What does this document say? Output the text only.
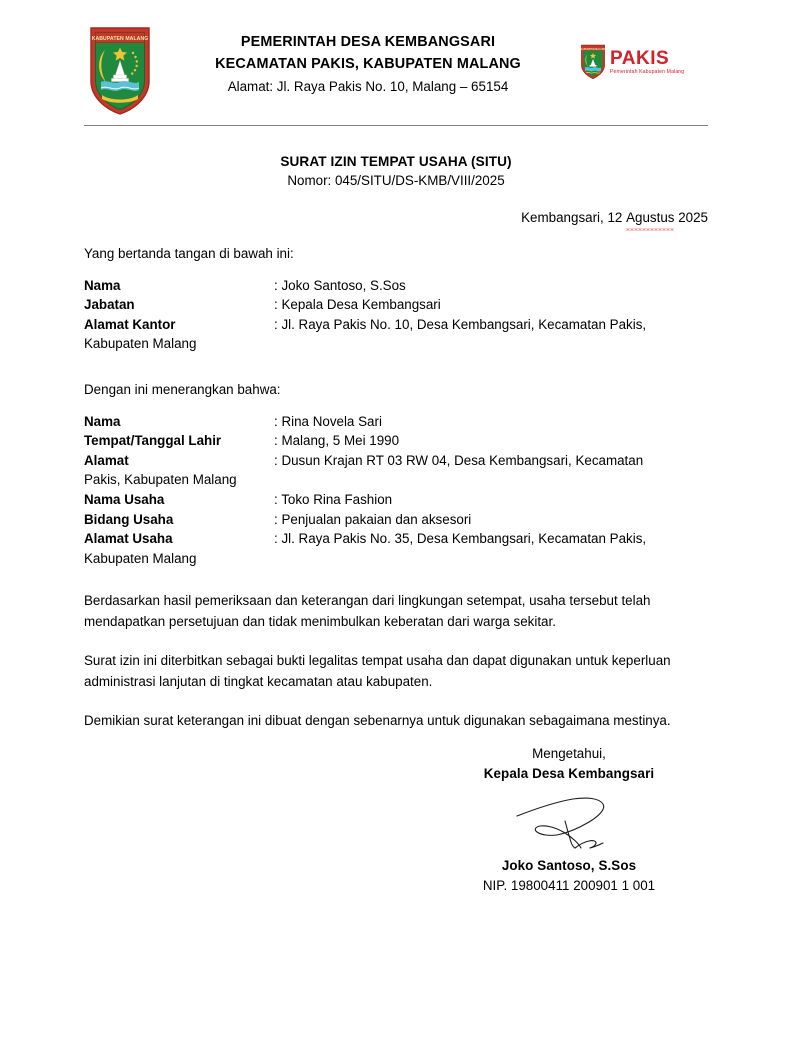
KABUPATEN MALANG	PEMERINTAH DESA KEMBANGSARI
KECAMATAN PAKIS, KABUPATEN MALANG
Alamat: Jl. Raya Pakis No. 10, Malang – 65154
KABUPATEN MALANG PAKIS
Pemerintah Kabupaten Malang
SURAT IZIN TEMPAT USAHA (SITU)
Nomor: 045/SITU/DS-KMB/VIII/2025
Kembangsari, 12 Agustus 2025

Yang bertanda tangan di bawah ini:

Nama	: Joko Santoso, S.Sos
Jabatan	: Kepala Desa Kembangsari
Alamat Kantor	: Jl. Raya Pakis No. 10, Desa Kembangsari, Kecamatan Pakis,
Kabupaten Malang

Dengan ini menerangkan bahwa:

Nama	: Rina Novela Sari
Tempat/Tanggal Lahir	: Malang, 5 Mei 1990
Alamat	: Dusun Krajan RT 03 RW 04, Desa Kembangsari, Kecamatan
Pakis, Kabupaten Malang
Nama Usaha	: Toko Rina Fashion
Bidang Usaha	: Penjualan pakaian dan aksesori
Alamat Usaha	: Jl. Raya Pakis No. 35, Desa Kembangsari, Kecamatan Pakis,
Kabupaten Malang

Berdasarkan hasil pemeriksaan dan keterangan dari lingkungan setempat, usaha tersebut telah mendapatkan persetujuan dan tidak menimbulkan keberatan dari warga sekitar.

Surat izin ini diterbitkan sebagai bukti legalitas tempat usaha dan dapat digunakan untuk keperluan administrasi lanjutan di tingkat kecamatan atau kabupaten.

Demikian surat keterangan ini dibuat dengan sebenarnya untuk digunakan sebagaimana mestinya.

Mengetahui,
Kepala Desa Kembangsari
Joko Santoso, S.Sos
NIP. 19800411 200901 1 001
